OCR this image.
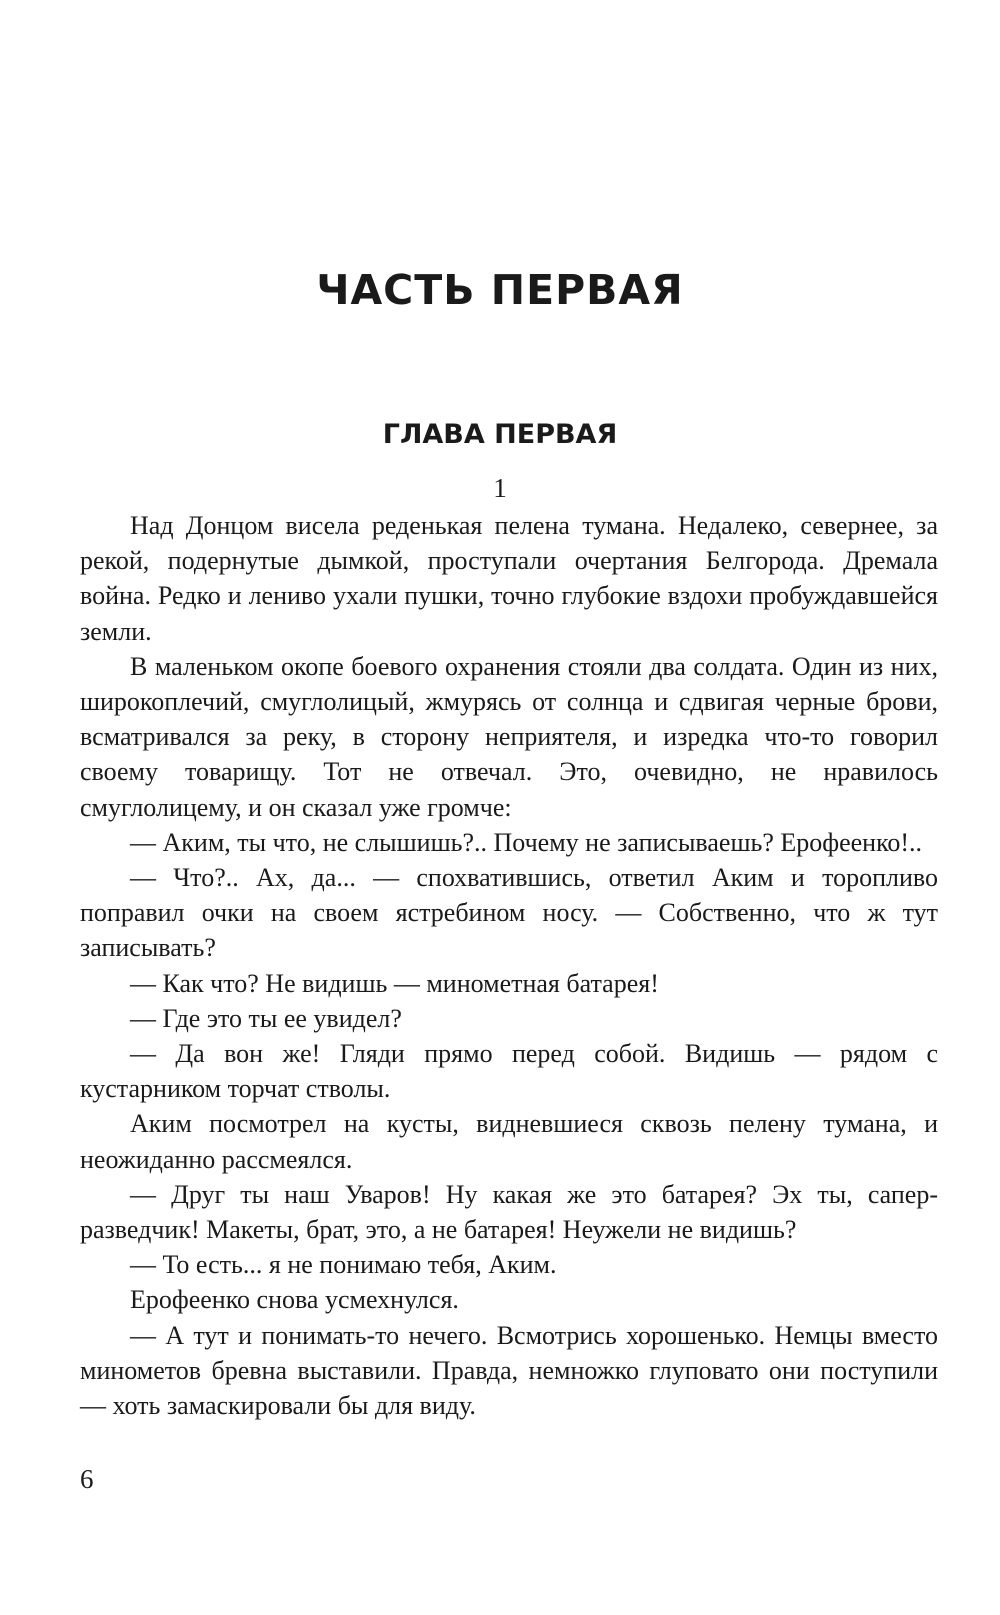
ЧАСТЬ ПЕРВАЯ
ГЛАВА ПЕРВАЯ
1

Над Донцом висела реденькая пелена тумана. Недалеко, севернее, за рекой, подернутые дымкой, проступали очертания Белгорода. Дремала война. Редко и лениво ухали пушки, точно глубокие вздохи пробуждавшейся земли.

В маленьком окопе боевого охранения стояли два солдата. Один из них, широкоплечий, смуглолицый, жмурясь от солнца и сдвигая черные брови, всматривался за реку, в сторону неприятеля, и изредка что-то говорил своему товарищу. Тот не отвечал. Это, очевидно, не нравилось смуглолицему, и он сказал уже громче:

— Аким, ты что, не слышишь?.. Почему не записываешь? Ерофеенко!..

— Что?.. Ах, да... — спохватившись, ответил Аким и торопливо поправил очки на своем ястребином носу. — Собственно, что ж тут записывать?

— Как что? Не видишь — минометная батарея!

— Где это ты ее увидел?

— Да вон же! Гляди прямо перед собой. Видишь — рядом с кустарником торчат стволы.

Аким посмотрел на кусты, видневшиеся сквозь пелену тумана, и неожиданно рассмеялся.

— Друг ты наш Уваров! Ну какая же это батарея? Эх ты, сапер-разведчик! Макеты, брат, это, а не батарея! Неужели не видишь?

— То есть... я не понимаю тебя, Аким.

Ерофеенко снова усмехнулся.

— А тут и понимать-то нечего. Всмотрись хорошенько. Немцы вместо минометов бревна выставили. Правда, немножко глуповато они поступили — хоть замаскировали бы для виду.

6
